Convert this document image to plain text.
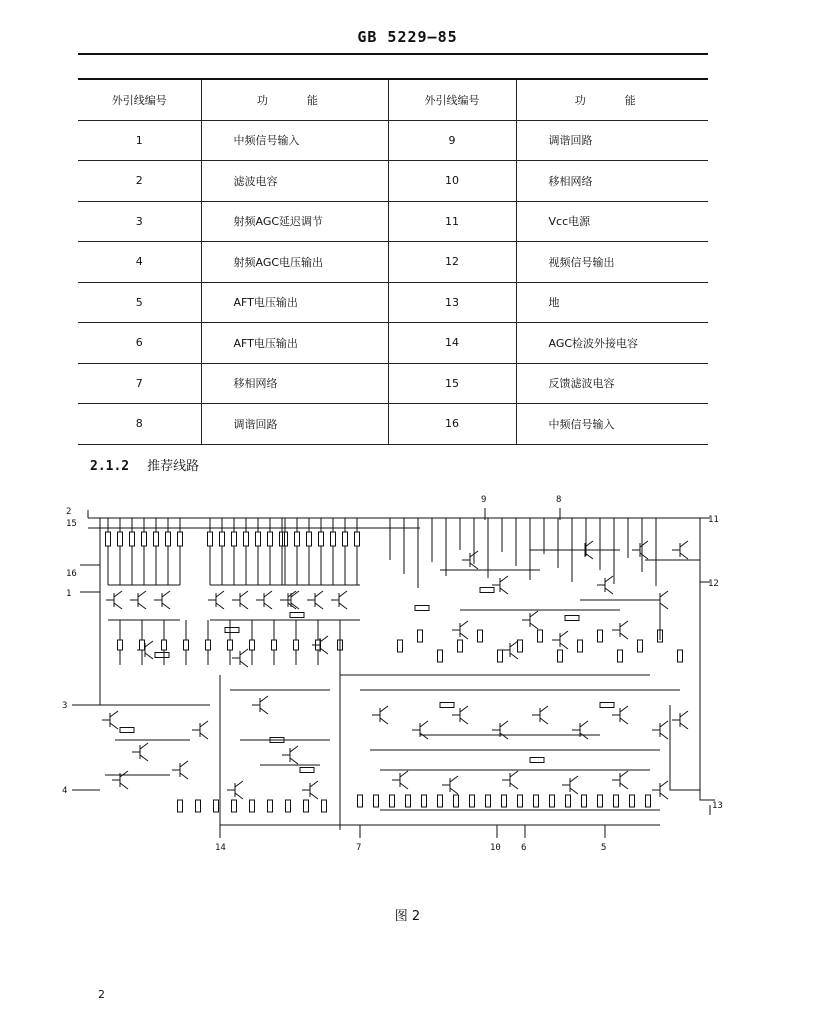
GB 5229—85
外引线编号	功　能	外引线编号	功　能
1	中频信号输入	9	调谐回路
2	滤波电容	10	移相网络
3	射频AGC延迟调节	11	Vcc电源
4	射频AGC电压输出	12	视频信号输出
5	AFT电压输出	13	地
6	AFT电压输出	14	AGC检波外接电容
7	移相网络	15	反馈滤波电容
8	调谐回路	16	中频信号输入
2.1.2 推荐线路
2
15
16
1
3
4
9	8
11
12
13
14	7	10 6	5
图 2
2
